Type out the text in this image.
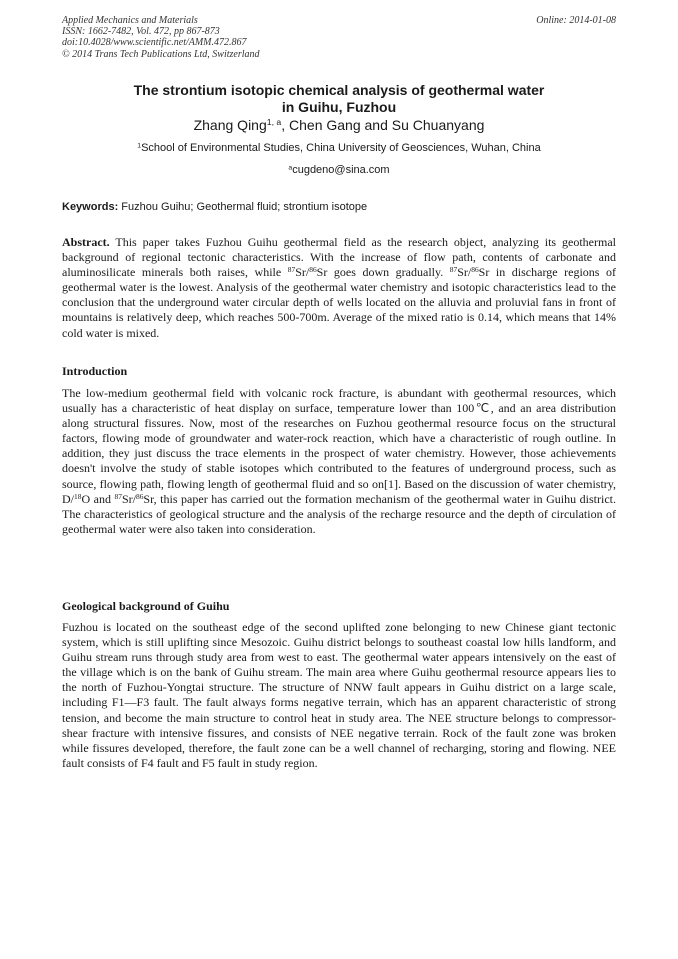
Applied Mechanics and Materials
ISSN: 1662-7482, Vol. 472, pp 867-873
doi:10.4028/www.scientific.net/AMM.472.867
© 2014 Trans Tech Publications Ltd, Switzerland
Online: 2014-01-08
The strontium isotopic chemical analysis of geothermal water
in Guihu, Fuzhou
Zhang Qing$^{1, a}$, Chen Gang and Su Chuanyang
$^1$School of Environmental Studies, China University of Geosciences, Wuhan, China
$^a$cugdeno@sina.com
Keywords: Fuzhou Guihu; Geothermal fluid; strontium isotope
Abstract. This paper takes Fuzhou Guihu geothermal field as the research object, analyzing its geothermal background of regional tectonic characteristics. With the increase of flow path, contents of carbonate and aluminosilicate minerals both raises, while $^{87}$Sr/$^{86}$Sr goes down gradually. $^{87}$Sr/$^{86}$Sr in discharge regions of geothermal water is the lowest. Analysis of the geothermal water chemistry and isotopic characteristics lead to the conclusion that the underground water circular depth of wells located on the alluvia and proluvial fans in front of mountains is relatively deep, which reaches 500-700m. Average of the mixed ratio is 0.14, which means that 14% cold water is mixed.
Introduction
The low-medium geothermal field with volcanic rock fracture, is abundant with geothermal resources, which usually has a characteristic of heat display on surface, temperature lower than 100℃, and an area distribution along structural fissures. Now, most of the researches on Fuzhou geothermal resource focus on the structural factors, flowing mode of groundwater and water-rock reaction, which have a characteristic of rough outline. In addition, they just discuss the trace elements in the prospect of water chemistry. However, those achievements doesn't involve the study of stable isotopes which contributed to the features of underground process, such as source, flowing path, flowing length of geothermal fluid and so on[1]. Based on the discussion of water chemistry, D/$^{18}$O and $^{87}$Sr/$^{86}$Sr, this paper has carried out the formation mechanism of the geothermal water in Guihu district. The characteristics of geological structure and the analysis of the recharge resource and the depth of circulation of geothermal water were also taken into consideration.
Geological background of Guihu
Fuzhou is located on the southeast edge of the second uplifted zone belonging to new Chinese giant tectonic system, which is still uplifting since Mesozoic. Guihu district belongs to southeast coastal low hills landform, and Guihu stream runs through study area from west to east. The geothermal water appears intensively on the east of the village which is on the bank of Guihu stream. The main area where Guihu geothermal resource appears lies to the north of Fuzhou-Yongtai structure. The structure of NNW fault appears in Guihu district on a large scale, including F1—F3 fault. The fault always forms negative terrain, which has an apparent characteristic of strong tension, and become the main structure to control heat in study area. The NEE structure belongs to compressor-shear fracture with intensive fissures, and consists of NEE negative terrain. Rock of the fault zone was broken while fissures developed, therefore, the fault zone can be a well channel of recharging, storing and flowing. NEE fault consists of F4 fault and F5 fault in study region.
